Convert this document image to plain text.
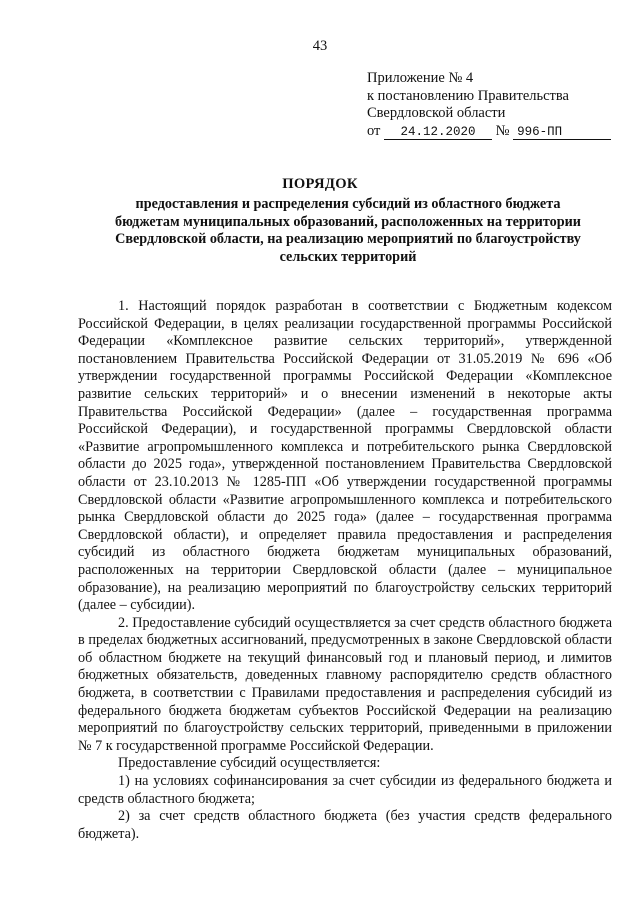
43
Приложение № 4
к постановлению Правительства
Свердловской области
от 24.12.2020 № 996-ПП
ПОРЯДОК
предоставления и распределения субсидий из областного бюджета
бюджетам муниципальных образований, расположенных на территории
Свердловской области, на реализацию мероприятий по благоустройству
сельских территорий

1. Настоящий порядок разработан в соответствии с Бюджетным кодексом Российской Федерации, в целях реализации государственной программы Российской Федерации «Комплексное развитие сельских территорий», утвержденной постановлением Правительства Российской Федерации от 31.05.2019 № 696 «Об утверждении государственной программы Российской Федерации «Комплексное развитие сельских территорий» и о внесении изменений в некоторые акты Правительства Российской Федерации» (далее – государственная программа Российской Федерации), и государственной программы Свердловской области «Развитие агропромышленного комплекса и потребительского рынка Свердловской области до 2025 года», утвержденной постановлением Правительства Свердловской области от 23.10.2013 № 1285-ПП «Об утверждении государственной программы Свердловской области «Развитие агропромышленного комплекса и потребительского рынка Свердловской области до 2025 года» (далее – государственная программа Свердловской области), и определяет правила предоставления и распределения субсидий из областного бюджета бюджетам муниципальных образований, расположенных на территории Свердловской области (далее – муниципальное образование), на реализацию мероприятий по благоустройству сельских территорий (далее – субсидии).

2. Предоставление субсидий осуществляется за счет средств областного бюджета в пределах бюджетных ассигнований, предусмотренных в законе Свердловской области об областном бюджете на текущий финансовый год и плановый период, и лимитов бюджетных обязательств, доведенных главному распорядителю средств областного бюджета, в соответствии с Правилами предоставления и распределения субсидий из федерального бюджета бюджетам субъектов Российской Федерации на реализацию мероприятий по благоустройству сельских территорий, приведенными в приложении № 7 к государственной программе Российской Федерации.

Предоставление субсидий осуществляется:

1) на условиях софинансирования за счет субсидии из федерального бюджета и средств областного бюджета;

2) за счет средств областного бюджета (без участия средств федерального бюджета).
